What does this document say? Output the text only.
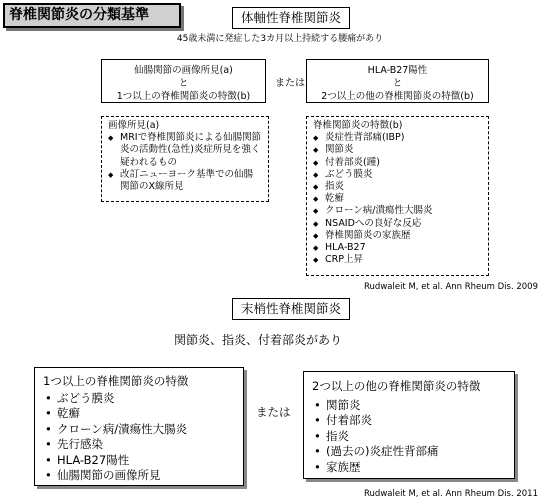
脊椎関節炎の分類基準	体軸性脊椎関節炎
45歳未満に発症した3カ月以上持続する腰痛があり
仙腸関節の画像所見(a)
と
1つ以上の脊椎関節炎の特徴(b)
または
HLA-B27陽性
と
2つ以上の他の脊椎関節炎の特徴(b)
画像所見(a)
◆ MRIで脊椎関節炎による仙腸関節炎の活動性(急性)炎症所見を強く疑われるもの
◆ 改訂ニューヨーク基準での仙腸関節のX線所見
脊椎関節炎の特徴(b)
◆ 炎症性背部痛(IBP)
◆ 関節炎
◆ 付着部炎(踵)
◆ ぶどう膜炎
◆ 指炎
◆ 乾癬
◆ クローン病/潰瘍性大腸炎
◆ NSAIDへの良好な反応
◆ 脊椎関節炎の家族歴
◆ HLA-B27
◆ CRP上昇
Rudwaleit M, et al. Ann Rheum Dis. 2009
末梢性脊椎関節炎
関節炎、指炎、付着部炎があり
1つ以上の脊椎関節炎の特徴
• ぶどう膜炎
• 乾癬
• クローン病/潰瘍性大腸炎
• 先行感染
• HLA-B27陽性
• 仙腸関節の画像所見
または
2つ以上の他の脊椎関節炎の特徴
• 関節炎
• 付着部炎
• 指炎
• (過去の)炎症性背部痛
• 家族歴
Rudwaleit M, et al. Ann Rheum Dis. 2011
